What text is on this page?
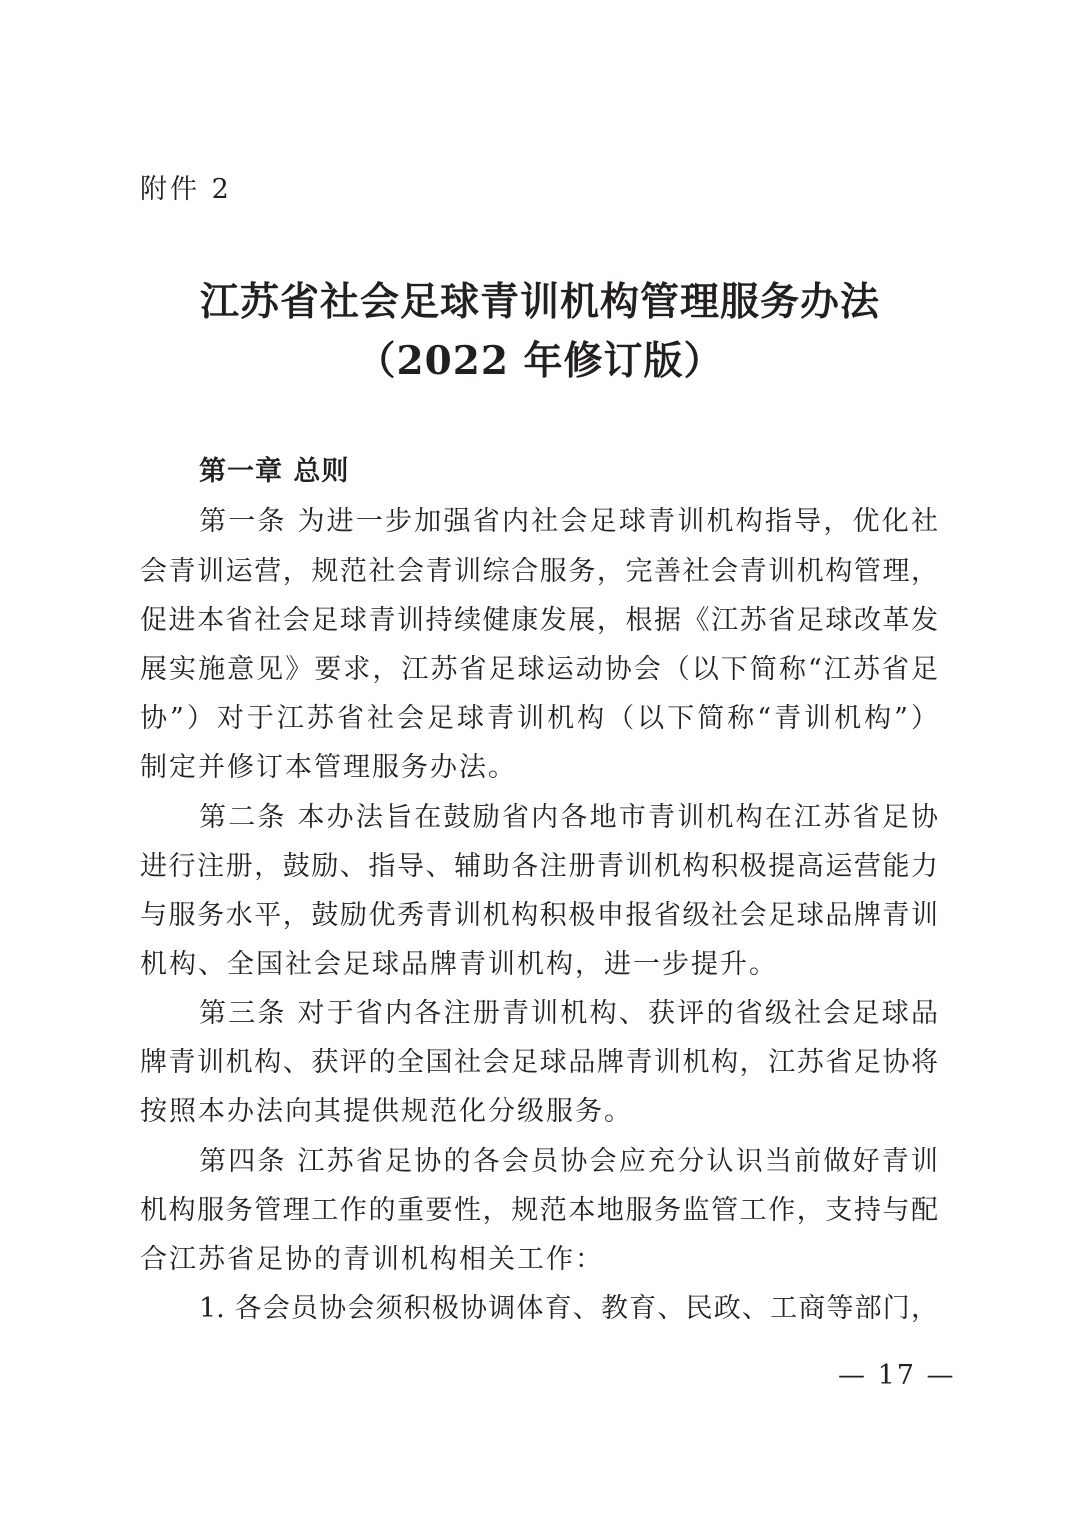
附件 2
江苏省社会足球青训机构管理服务办法
（2022 年修订版）
第一章 总则
第一条 为进一步加强省内社会足球青训机构指导，优化社
会青训运营，规范社会青训综合服务，完善社会青训机构管理，
促进本省社会足球青训持续健康发展，根据《江苏省足球改革发
展实施意见》要求，江苏省足球运动协会（以下简称“江苏省足
协”）对于江苏省社会足球青训机构（以下简称“青训机构”）
制定并修订本管理服务办法。
第二条 本办法旨在鼓励省内各地市青训机构在江苏省足协
进行注册，鼓励、指导、辅助各注册青训机构积极提高运营能力
与服务水平，鼓励优秀青训机构积极申报省级社会足球品牌青训
机构、全国社会足球品牌青训机构，进一步提升。
第三条 对于省内各注册青训机构、获评的省级社会足球品
牌青训机构、获评的全国社会足球品牌青训机构，江苏省足协将
按照本办法向其提供规范化分级服务。
第四条 江苏省足协的各会员协会应充分认识当前做好青训
机构服务管理工作的重要性，规范本地服务监管工作，支持与配
合江苏省足协的青训机构相关工作：
1. 各会员协会须积极协调体育、教育、民政、工商等部门，
— 17 —
